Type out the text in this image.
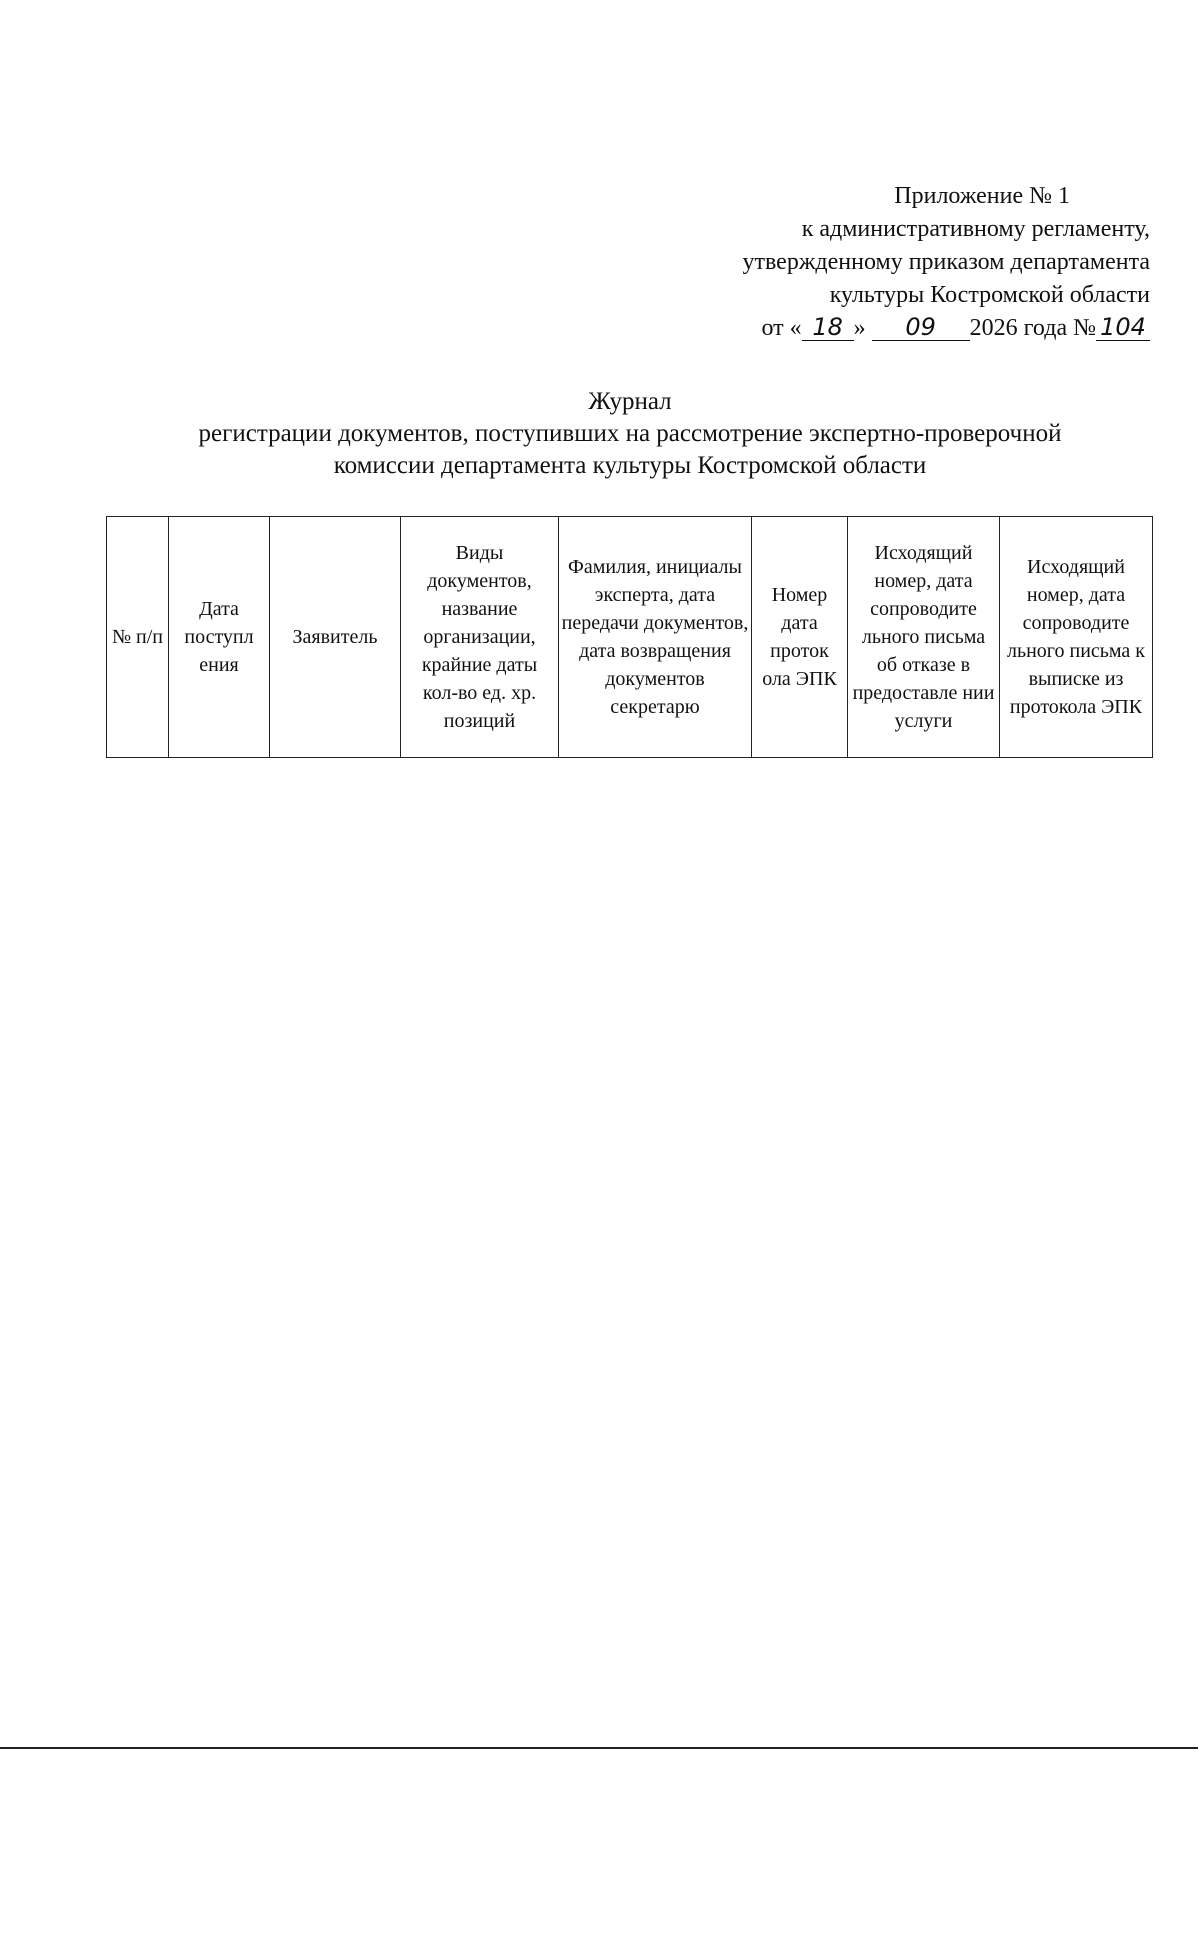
Приложение № 1
к административному регламенту,
утвержденному приказом департамента
культуры Костромской области
от « 18 » 09 2026 года № 104
Журнал
регистрации документов, поступивших на рассмотрение экспертно-проверочной
комиссии департамента культуры Костромской области
№ п/п	Дата поступл ения	Заявитель	Виды документов, название организации, крайние даты кол-во ед. хр. позиций	Фамилия, инициалы эксперта, дата передачи документов, дата возвращения документов секретарю	Номер дата проток ола ЭПК	Исходящий номер, дата сопроводите льного письма об отказе в предоставле нии услуги	Исходящий номер, дата сопроводите льного письма к выписке из протокола ЭПК
